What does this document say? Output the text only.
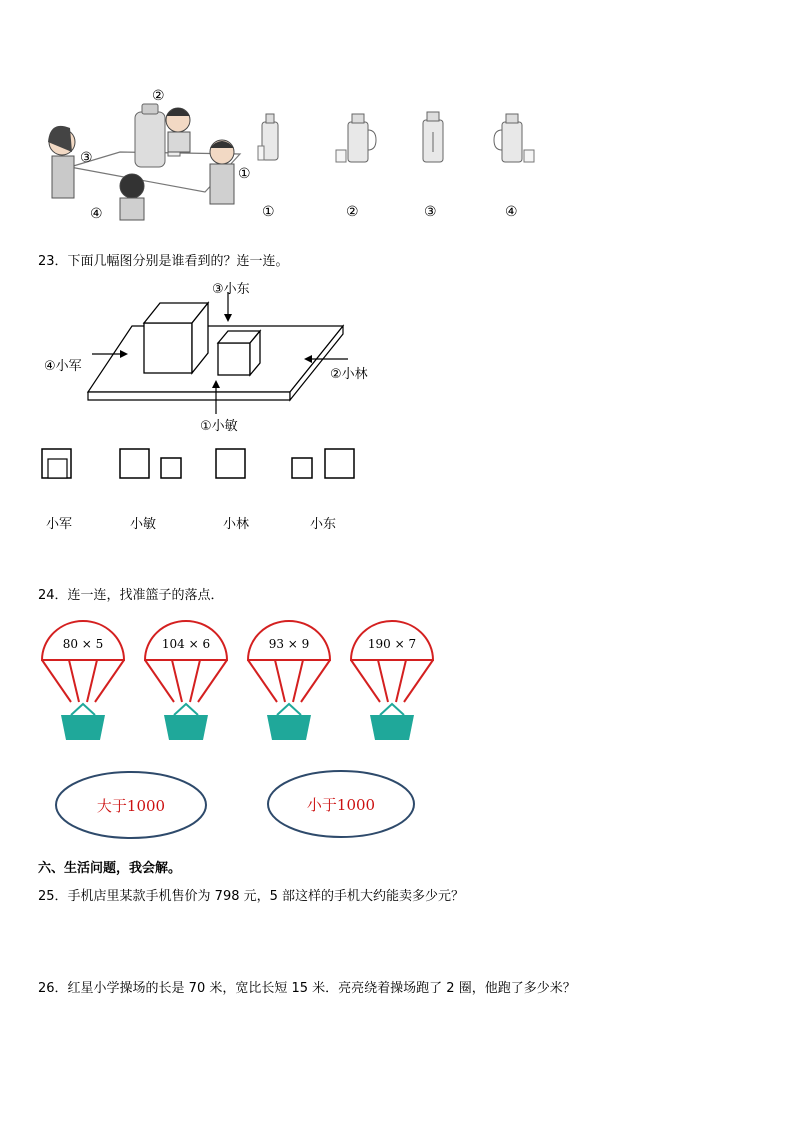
②
③
④
①
①	②	③	④
23．下面几幅图分别是谁看到的？连一连。
③小东
④小军
②小林
①小敏
小军	小敏	小林	小东
24．连一连，找准篮子的落点．
80 × 5	104 × 6	93 × 9	190 × 7
大于1000	小于1000
六、生活问题，我会解。
25．手机店里某款手机售价为 798 元，5 部这样的手机大约能卖多少元？
26．红星小学操场的长是 70 米，宽比长短 15 米．亮亮绕着操场跑了 2 圈，他跑了多少米？
